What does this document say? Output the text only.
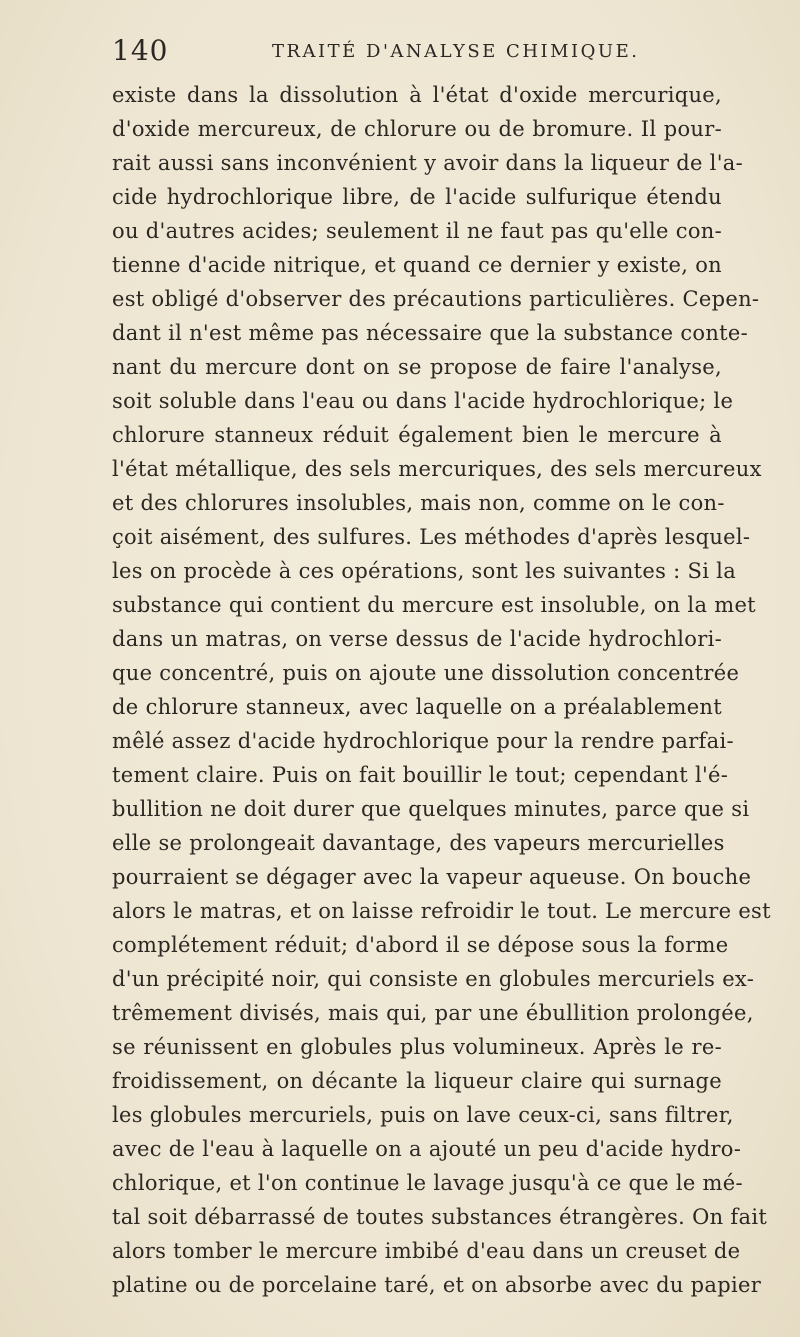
140	TRAITÉ D'ANALYSE CHIMIQUE.
existe dans la dissolution à l'état d'oxide mercurique,
d'oxide mercureux, de chlorure ou de bromure. Il pour-
rait aussi sans inconvénient y avoir dans la liqueur de l'a-
cide hydrochlorique libre, de l'acide sulfurique étendu
ou d'autres acides; seulement il ne faut pas qu'elle con-
tienne d'acide nitrique, et quand ce dernier y existe, on
est obligé d'observer des précautions particulières. Cepen-
dant il n'est même pas nécessaire que la substance conte-
nant du mercure dont on se propose de faire l'analyse,
soit soluble dans l'eau ou dans l'acide hydrochlorique; le
chlorure stanneux réduit également bien le mercure à
l'état métallique, des sels mercuriques, des sels mercureux
et des chlorures insolubles, mais non, comme on le con-
çoit aisément, des sulfures. Les méthodes d'après lesquel-
les on procède à ces opérations, sont les suivantes : Si la
substance qui contient du mercure est insoluble, on la met
dans un matras, on verse dessus de l'acide hydrochlori-
que concentré, puis on ajoute une dissolution concentrée
de chlorure stanneux, avec laquelle on a préalablement
mêlé assez d'acide hydrochlorique pour la rendre parfai-
tement claire. Puis on fait bouillir le tout; cependant l'é-
bullition ne doit durer que quelques minutes, parce que si
elle se prolongeait davantage, des vapeurs mercurielles
pourraient se dégager avec la vapeur aqueuse. On bouche
alors le matras, et on laisse refroidir le tout. Le mercure est
complétement réduit; d'abord il se dépose sous la forme
d'un précipité noir, qui consiste en globules mercuriels ex-
trêmement divisés, mais qui, par une ébullition prolongée,
se réunissent en globules plus volumineux. Après le re-
froidissement, on décante la liqueur claire qui surnage
les globules mercuriels, puis on lave ceux-ci, sans filtrer,
avec de l'eau à laquelle on a ajouté un peu d'acide hydro-
chlorique, et l'on continue le lavage jusqu'à ce que le mé-
tal soit débarrassé de toutes substances étrangères. On fait
alors tomber le mercure imbibé d'eau dans un creuset de
platine ou de porcelaine taré, et on absorbe avec du papier
